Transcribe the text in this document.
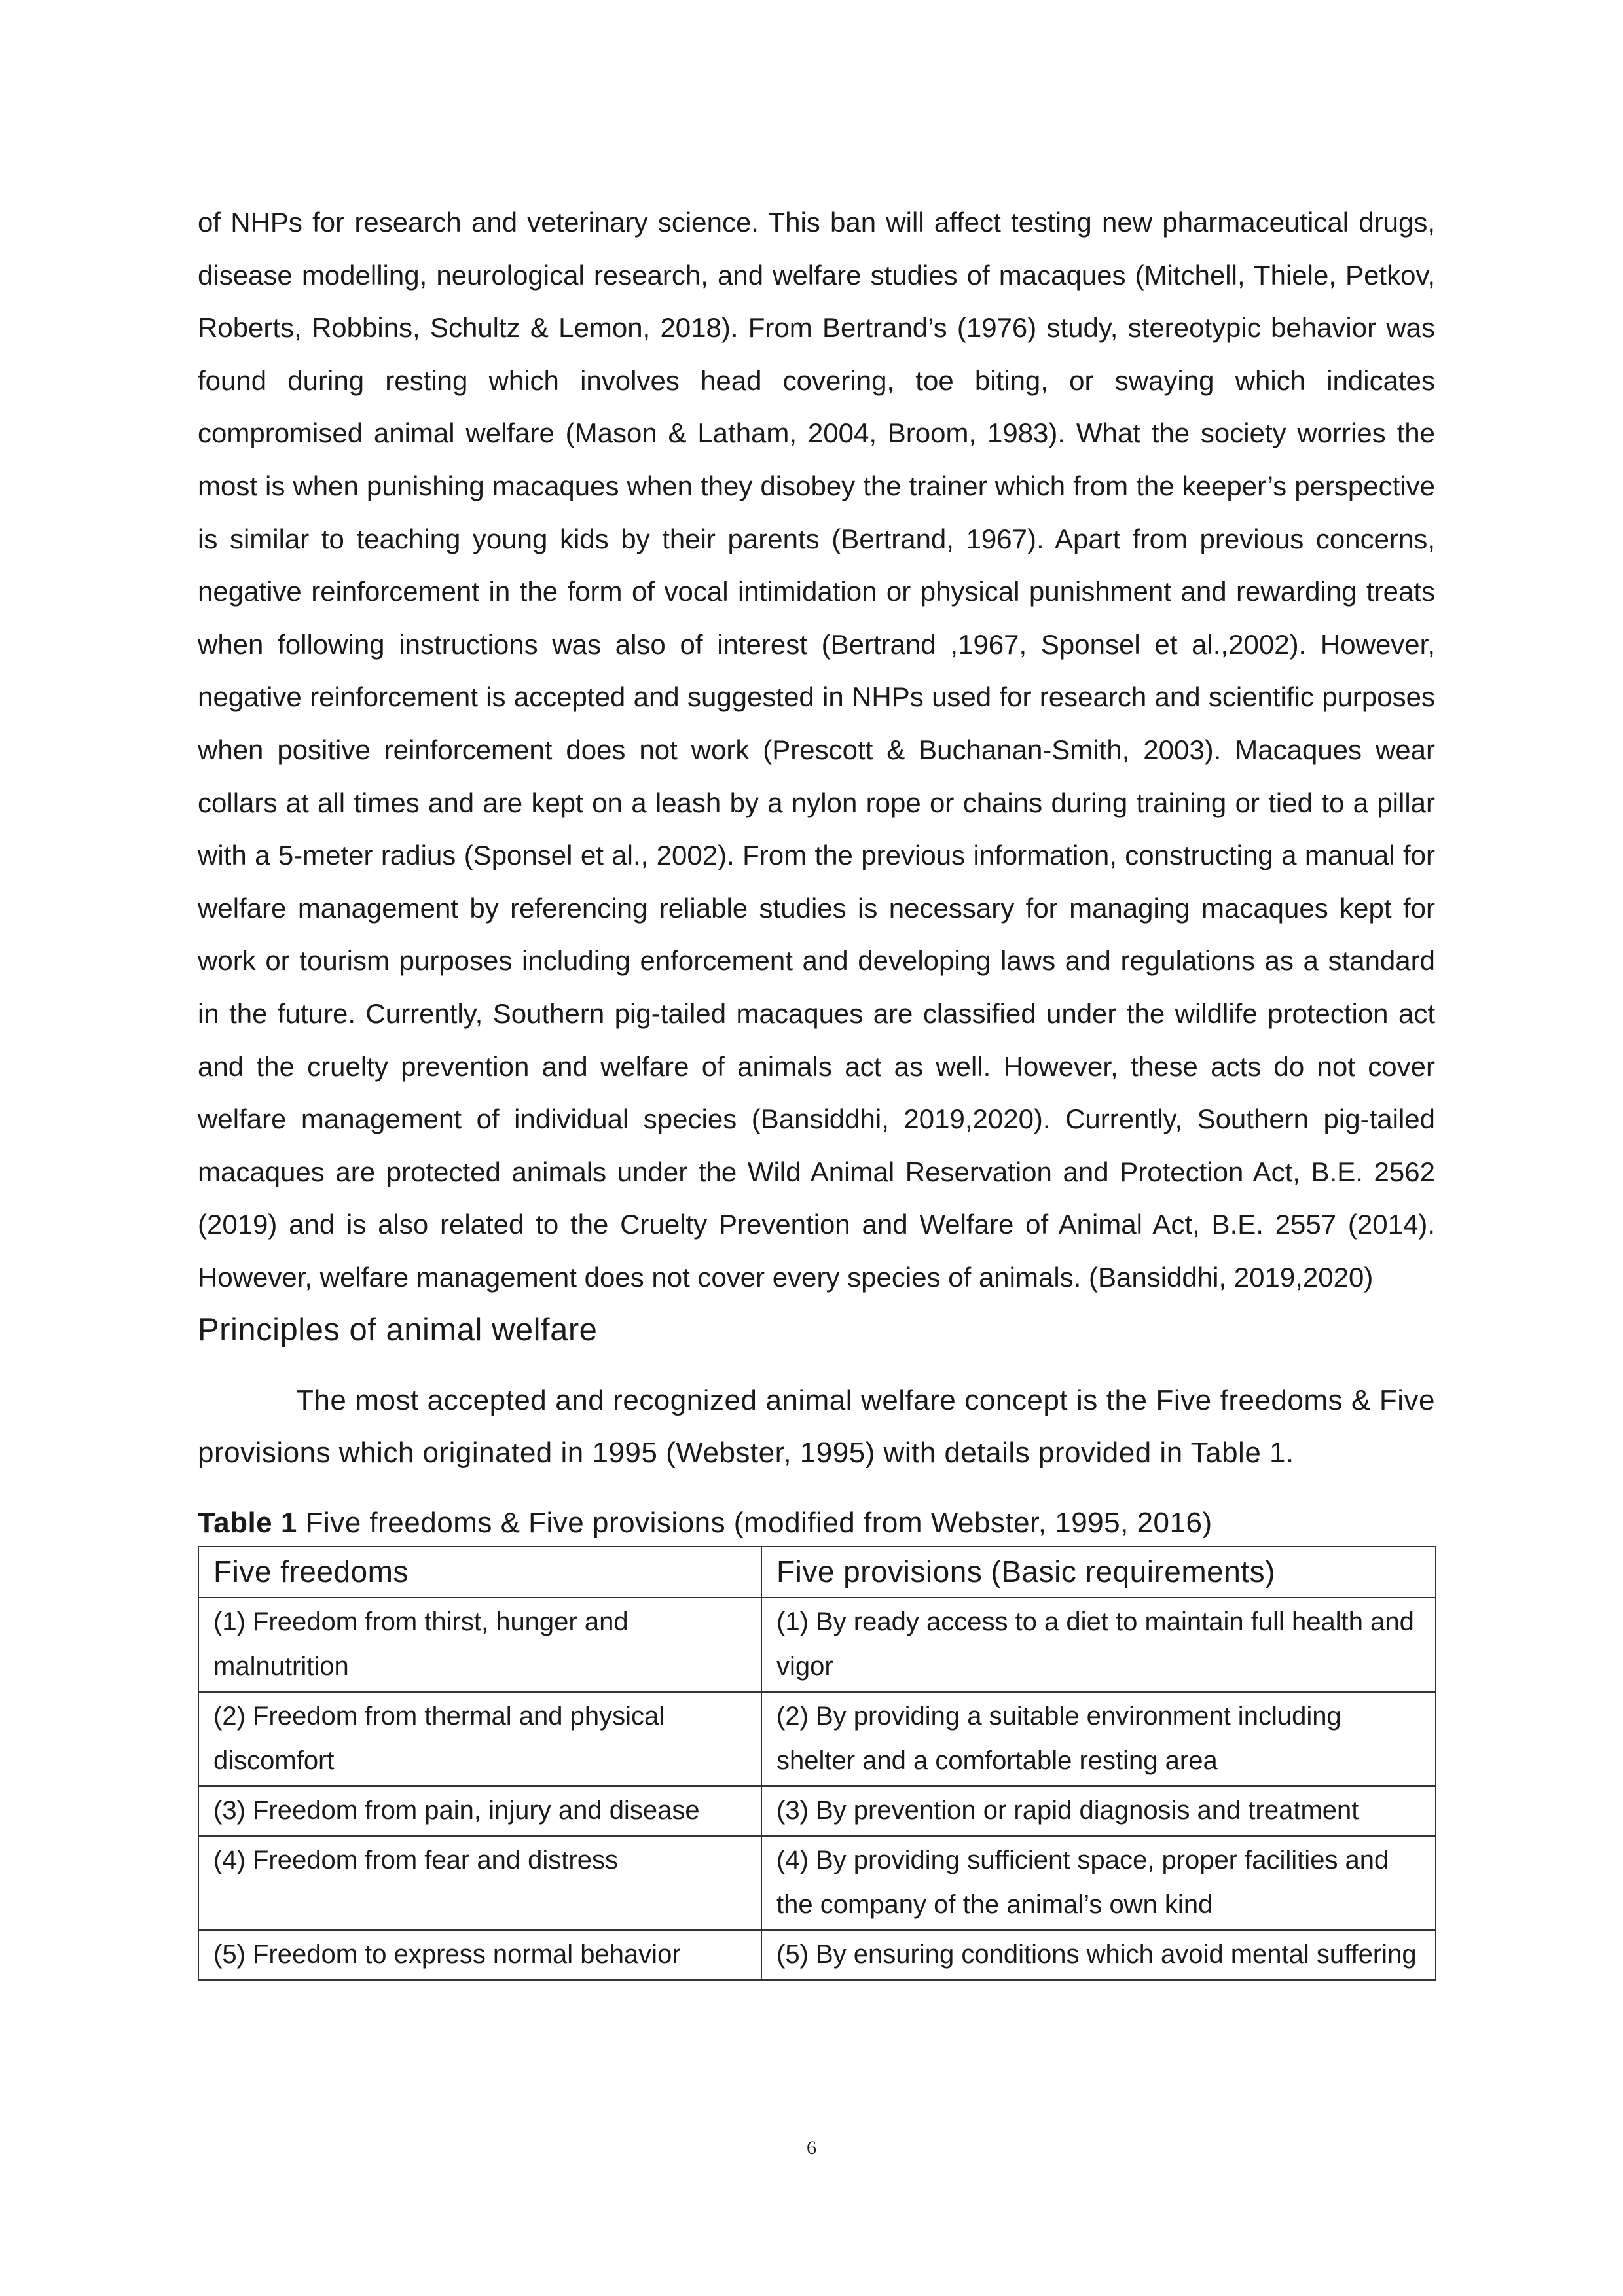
of NHPs for research and veterinary science. This ban will affect testing new pharmaceutical drugs, disease modelling, neurological research, and welfare studies of macaques (Mitchell, Thiele, Petkov, Roberts, Robbins, Schultz & Lemon, 2018). From Bertrand’s (1976) study, stereotypic behavior was found during resting which involves head covering, toe biting, or swaying which indicates compromised animal welfare (Mason & Latham, 2004, Broom, 1983). What the society worries the most is when punishing macaques when they disobey the trainer which from the keeper’s perspective is similar to teaching young kids by their parents (Bertrand, 1967). Apart from previous concerns, negative reinforcement in the form of vocal intimidation or physical punishment and rewarding treats when following instructions was also of interest (Bertrand ,1967, Sponsel et al.,2002). However, negative reinforcement is accepted and suggested in NHPs used for research and scientific purposes when positive reinforcement does not work (Prescott & Buchanan-Smith, 2003). Macaques wear collars at all times and are kept on a leash by a nylon rope or chains during training or tied to a pillar with a 5-meter radius (Sponsel et al., 2002). From the previous information, constructing a manual for welfare management by referencing reliable studies is necessary for managing macaques kept for work or tourism purposes including enforcement and developing laws and regulations as a standard in the future. Currently, Southern pig-tailed macaques are classified under the wildlife protection act and the cruelty prevention and welfare of animals act as well. However, these acts do not cover welfare management of individual species (Bansiddhi, 2019,2020). Currently, Southern pig-tailed macaques are protected animals under the Wild Animal Reservation and Protection Act, B.E. 2562 (2019) and is also related to the Cruelty Prevention and Welfare of Animal Act, B.E. 2557 (2014). However, welfare management does not cover every species of animals. (Bansiddhi, 2019,2020)

Principles of animal welfare

The most accepted and recognized animal welfare concept is the Five freedoms & Five provisions which originated in 1995 (Webster, 1995) with details provided in Table 1.

Table 1 Five freedoms & Five provisions (modified from Webster, 1995, 2016)
Five freedoms	Five provisions (Basic requirements)
(1) Freedom from thirst, hunger and malnutrition	(1) By ready access to a diet to maintain full health and vigor
(2) Freedom from thermal and physical discomfort	(2) By providing a suitable environment including shelter and a comfortable resting area
(3) Freedom from pain, injury and disease	(3) By prevention or rapid diagnosis and treatment
(4) Freedom from fear and distress	(4) By providing sufficient space, proper facilities and the company of the animal’s own kind
(5) Freedom to express normal behavior	(5) By ensuring conditions which avoid mental suffering
6
